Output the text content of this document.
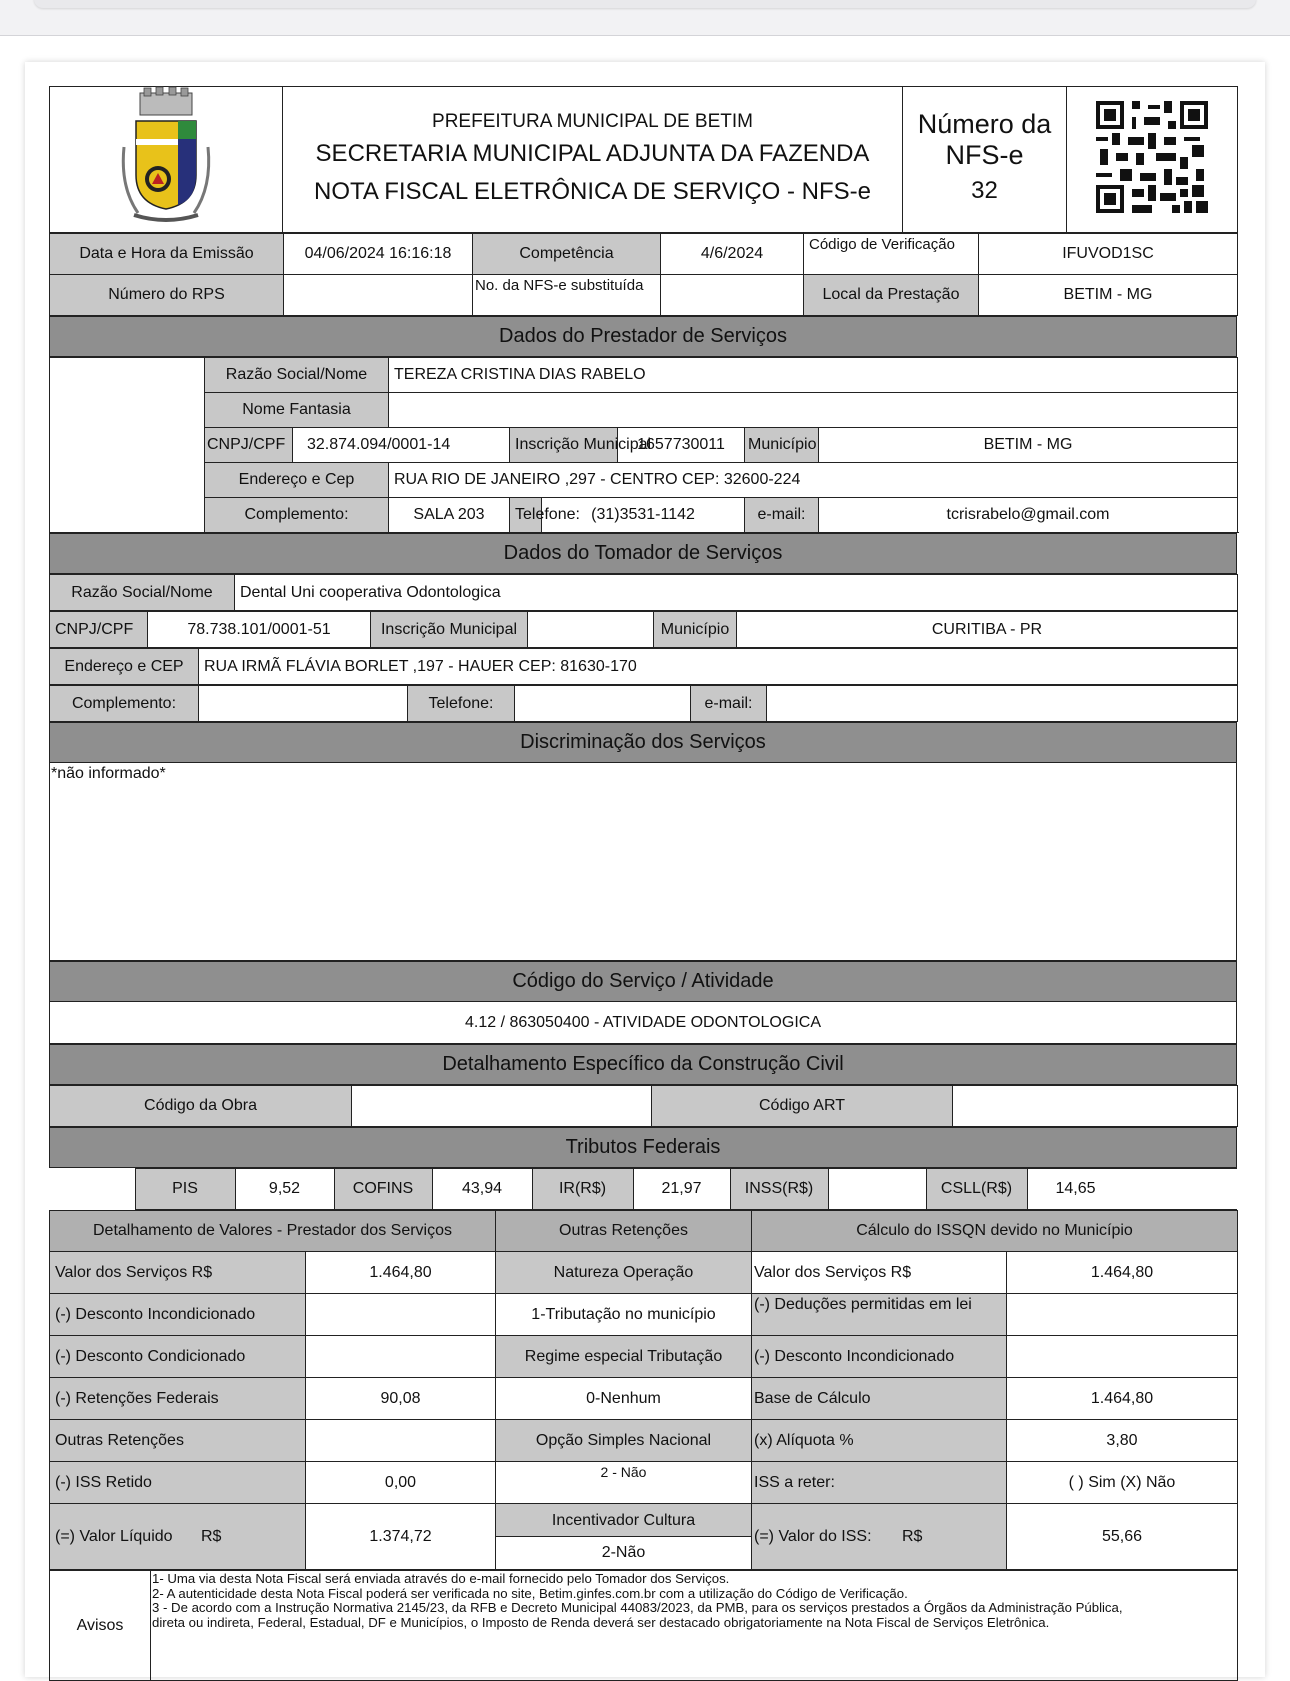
PREFEITURA MUNICIPAL DE BETIM
SECRETARIA MUNICIPAL ADJUNTA DA FAZENDA
NOTA FISCAL ELETRÔNICA DE SERVIÇO - NFS-e

Número da
NFS-e
32

Data e Hora da Emissão	04/06/2024 16:16:18	Competência	4/6/2024	Código de Verificação	IFUVOD1SC
Número do RPS		No. da NFS-e substituída		Local da Prestação	BETIM - MG
Dados do Prestador de Serviços
	Razão Social/Nome		TEREZA CRISTINA DIAS RABELO					
	Nome Fantasia							
	CNPJ/CPF	32.874.094/0001-14		Inscrição Municipal		1657730011	Município	BETIM - MG
	Endereço e Cep		RUA RIO DE JANEIRO ,297 - CENTRO CEP: 32600-224					
	Complemento:		SALA 203	Telefone:	(31)3531-1142		e-mail:	tcrisrabelo@gmail.com
Dados do Tomador de Serviços
Razão Social/Nome	Dental Uni cooperativa Odontologica
CNPJ/CPF	78.738.101/0001-51	Inscrição Municipal		Município	CURITIBA - PR
Endereço e CEP	RUA IRMÃ FLÁVIA BORLET ,197 - HAUER CEP: 81630-170
Complemento:		Telefone:		e-mail:	
Discriminação dos Serviços
*não informado*
Código do Serviço / Atividade
4.12 / 863050400 - ATIVIDADE ODONTOLOGICA
Detalhamento Específico da Construção Civil
Código da Obra		Código ART	
Tributos Federais
	PIS	9,52	COFINS	43,94	IR(R$)	21,97	INSS(R$)		CSLL(R$)	14,65
Detalhamento de Valores - Prestador dos Serviços		Outras Retenções	Cálculo do ISSQN devido no Município	
Valor dos Serviços R$	1.464,80	Natureza Operação	Valor dos Serviços R$	1.464,80
(-) Desconto Incondicionado		1-Tributação no município	(-) Deduções permitidas em lei	
(-) Desconto Condicionado		Regime especial Tributação	(-) Desconto Incondicionado	
(-) Retenções Federais	90,08	0-Nenhum	Base de Cálculo	1.464,80
Outras Retenções		Opção Simples Nacional	(x) Alíquota %	3,80
(-) ISS Retido	0,00	2 - Não	ISS a reter:	( ) Sim (X) Não
(=) Valor Líquido R$	1.374,72	Incentivador Cultura
2-Não	(=) Valor do ISS: R$	55,66
Avisos	
1- Uma via desta Nota Fiscal será enviada através do e-mail fornecido pelo Tomador dos Serviços.
2- A autenticidade desta Nota Fiscal poderá ser verificada no site, Betim.ginfes.com.br com a utilização do Código de Verificação.
3 - De acordo com a Instrução Normativa 2145/23, da RFB e Decreto Municipal 44083/2023, da PMB, para os serviços prestados a Órgãos da Administração Pública,
direta ou indireta, Federal, Estadual, DF e Municípios, o Imposto de Renda deverá ser destacado obrigatoriamente na Nota Fiscal de Serviços Eletrônica.
